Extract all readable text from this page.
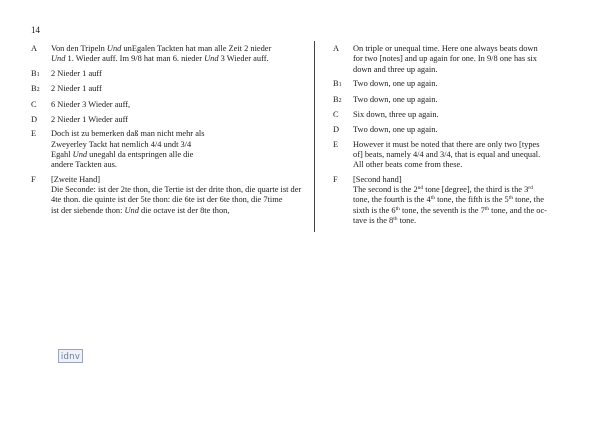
14
A	Von den Tripeln Und unEgalen Tackten hat man alle Zeit 2 nieder
Und 1. Wieder auff. Im 9/8 hat man 6. nieder Und 3 Wieder auff.
B1	2 Nieder 1 auff
B2	2 Nieder 1 auff
C	6 Nieder 3 Wieder auff,
D	2 Nieder 1 Wieder auff
E	Doch ist zu bemerken daß man nicht mehr als
Zweyerley Tackt hat nemlich 4/4 undt 3/4
Egahl Und unegahl da entspringen alle die
andere Tackten aus.
F	[Zweite Hand]
Die Seconde: ist der 2te thon, die Tertie ist der drite thon, die quarte ist der
4te thon. die quinte ist der 5te thon: die 6te ist der 6te thon, die 7time
ist der siebende thon: Und die octave ist der 8te thon,
A	On triple or unequal time. Here one always beats down
for two [notes] and up again for one. In 9/8 one has six
down and three up again.
B1	Two down, one up again.
B2	Two down, one up again.
C	Six down, three up again.
D	Two down, one up again.
E	However it must be noted that there are only two [types
of] beats, namely 4/4 and 3/4, that is equal and unequal.
All other beats come from these.
F	[Second hand]
The second is the 2nd tone [degree], the third is the 3rd
tone, the fourth is the 4th tone, the fifth is the 5th tone, the
sixth is the 6th tone, the seventh is the 7th tone, and the oc-
tave is the 8th tone.
idnv
